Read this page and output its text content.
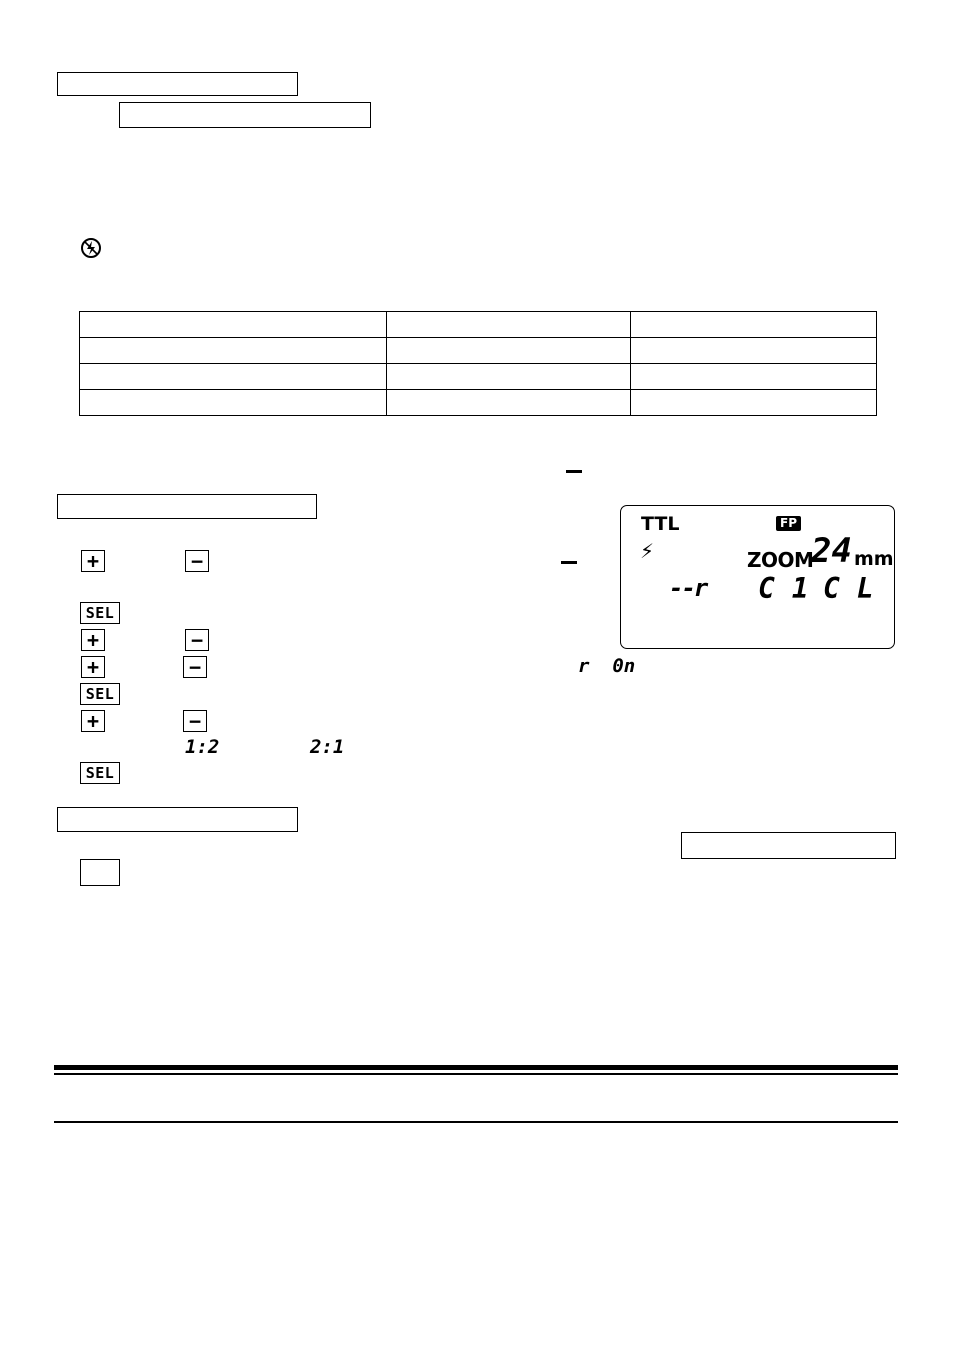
+	−
SEL
+	−
+	−
SEL
+	−
SEL
r  0n
1:2	2:1
TTL	FP
⚡	ZOOM
24 mm
--r C 1 C L
